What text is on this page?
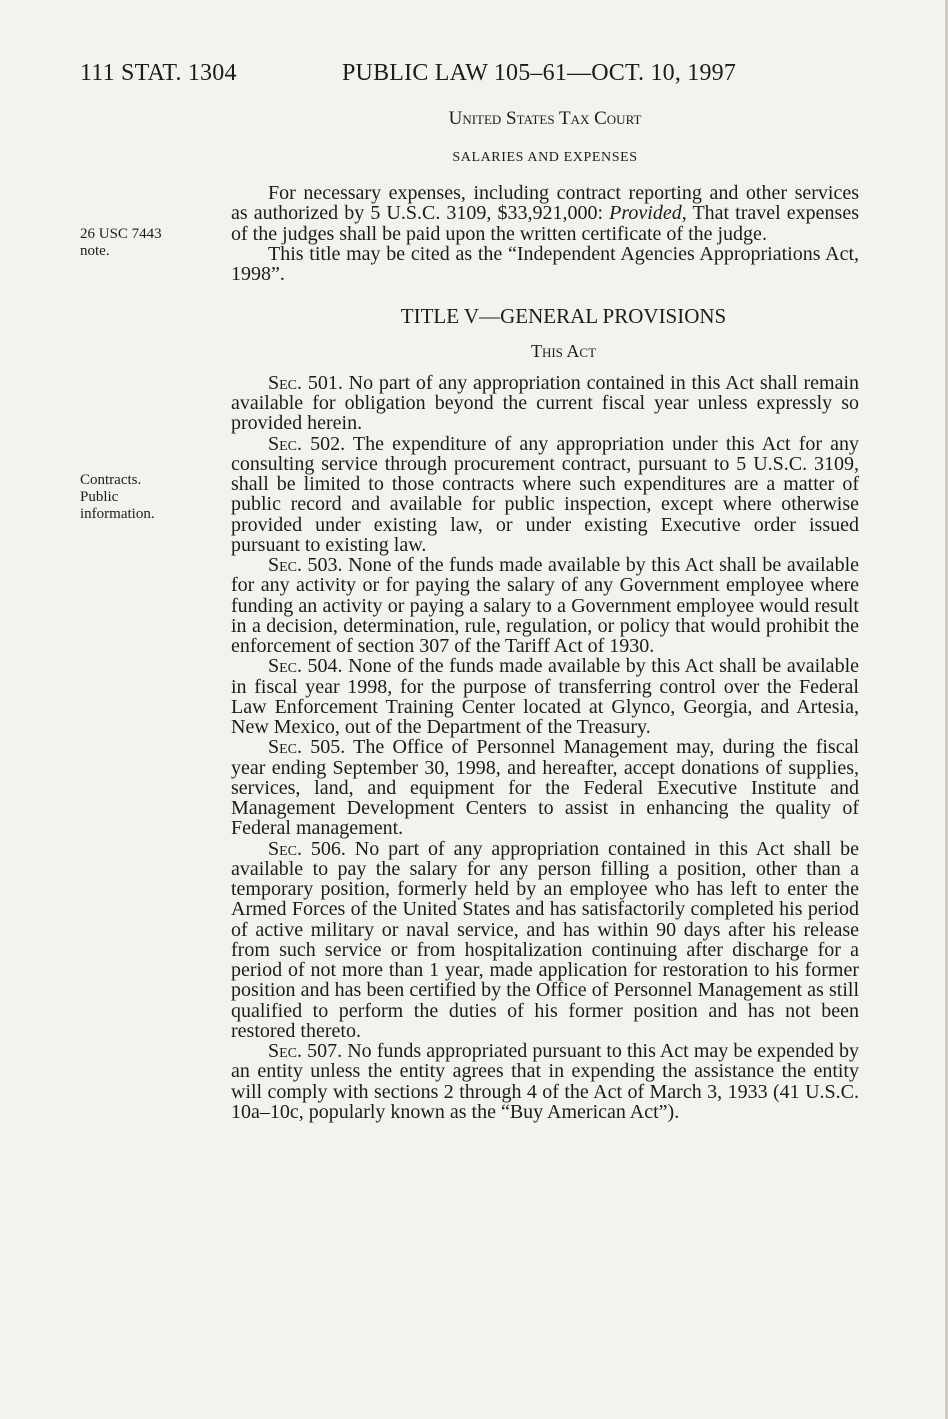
111 STAT. 1304	PUBLIC LAW 105–61—OCT. 10, 1997
United States Tax Court
SALARIES AND EXPENSES
26 USC 7443
note.
Contracts.
Public
information.

For necessary expenses, including contract reporting and other services as authorized by 5 U.S.C. 3109, $33,921,000: Provided, That travel expenses of the judges shall be paid upon the written certificate of the judge.

This title may be cited as the “Independent Agencies Appropriations Act, 1998”.

TITLE V—GENERAL PROVISIONS

This Act

Sec. 501. No part of any appropriation contained in this Act shall remain available for obligation beyond the current fiscal year unless expressly so provided herein.

Sec. 502. The expenditure of any appropriation under this Act for any consulting service through procurement contract, pursuant to 5 U.S.C. 3109, shall be limited to those contracts where such expenditures are a matter of public record and available for public inspection, except where otherwise provided under existing law, or under existing Executive order issued pursuant to existing law.

Sec. 503. None of the funds made available by this Act shall be available for any activity or for paying the salary of any Government employee where funding an activity or paying a salary to a Government employee would result in a decision, determination, rule, regulation, or policy that would prohibit the enforcement of section 307 of the Tariff Act of 1930.

Sec. 504. None of the funds made available by this Act shall be available in fiscal year 1998, for the purpose of transferring control over the Federal Law Enforcement Training Center located at Glynco, Georgia, and Artesia, New Mexico, out of the Department of the Treasury.

Sec. 505. The Office of Personnel Management may, during the fiscal year ending September 30, 1998, and hereafter, accept donations of supplies, services, land, and equipment for the Federal Executive Institute and Management Development Centers to assist in enhancing the quality of Federal management.

Sec. 506. No part of any appropriation contained in this Act shall be available to pay the salary for any person filling a position, other than a temporary position, formerly held by an employee who has left to enter the Armed Forces of the United States and has satisfactorily completed his period of active military or naval service, and has within 90 days after his release from such service or from hospitalization continuing after discharge for a period of not more than 1 year, made application for restoration to his former position and has been certified by the Office of Personnel Management as still qualified to perform the duties of his former position and has not been restored thereto.

Sec. 507. No funds appropriated pursuant to this Act may be expended by an entity unless the entity agrees that in expending the assistance the entity will comply with sections 2 through 4 of the Act of March 3, 1933 (41 U.S.C. 10a–10c, popularly known as the “Buy American Act”).
